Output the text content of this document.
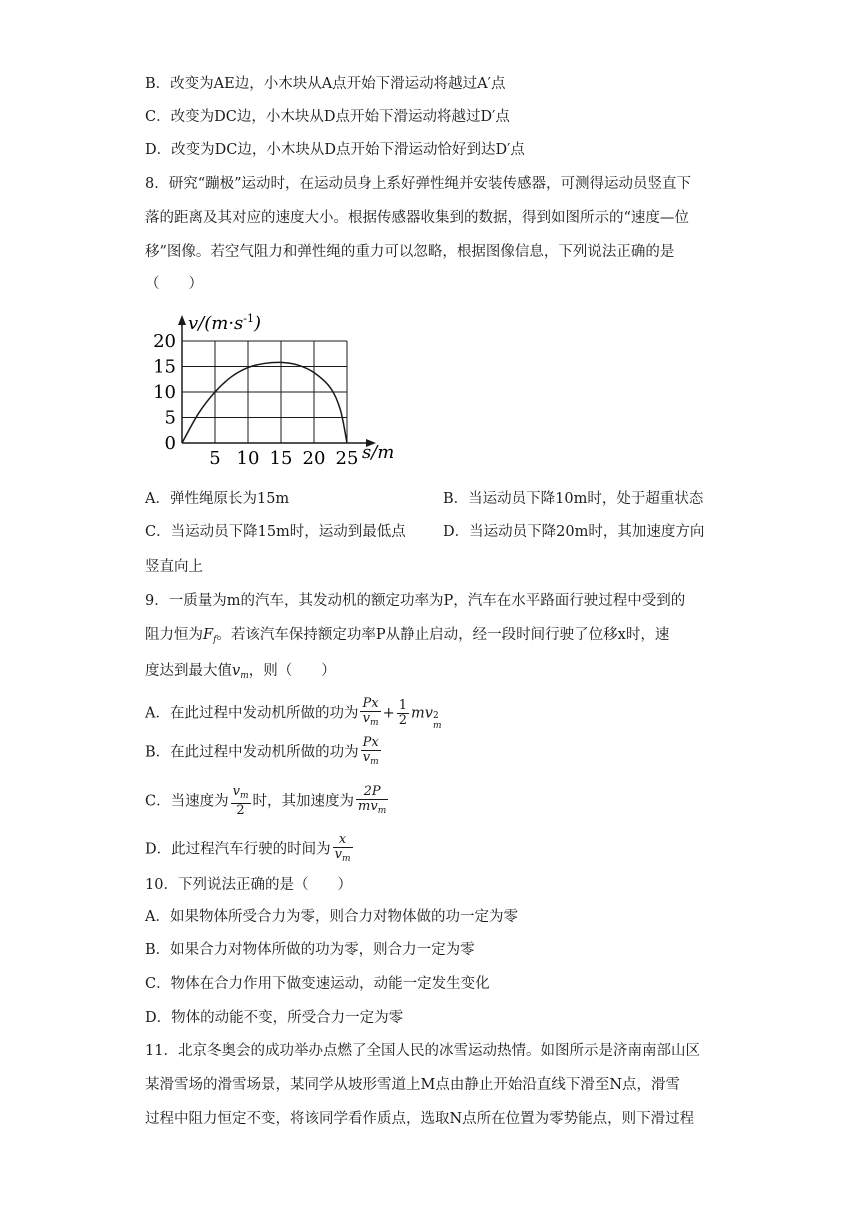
B．改变为AE边，小木块从A点开始下滑运动将越过A′点
C．改变为DC边，小木块从D点开始下滑运动将越过D′点
D．改变为DC边，小木块从D点开始下滑运动恰好到达D′点
8．研究“蹦极”运动时，在运动员身上系好弹性绳并安装传感器，可测得运动员竖直下
落的距离及其对应的速度大小。根据传感器收集到的数据，得到如图所示的“速度—位
移”图像。若空气阻力和弹性绳的重力可以忽略，根据图像信息，下列说法正确的是
（　　）
5 10 15 20 25
0
5
10
15
20
$v/(m\cdot s^{-1})$
s/m
A．弹性绳原长为15m	B．当运动员下降10m时，处于超重状态
C．当运动员下降15m时，运动到最低点	D．当运动员下降20m时，其加速度方向
竖直向上
9．一质量为m的汽车，其发动机的额定功率为P，汽车在水平路面行驶过程中受到的
阻力恒为$F_f$。若该汽车保持额定功率P从静止启动，经一段时间行驶了位移x时，速
度达到最大值$v_m$，则（　　）
A．在此过程中发动机所做的功为 $\frac{Px}{v_m} + \frac{1}{2}$ mv 2
m
B．在此过程中发动机所做的功为 $\frac{Px}{v_m}$
C．当速度为 $\frac{v_m}{2}$ 时，其加速度为 $\frac{2P}{mv_m}$
D．此过程汽车行驶的时间为 $\frac{x}{v_m}$
10．下列说法正确的是（　　）
A．如果物体所受合力为零，则合力对物体做的功一定为零
B．如果合力对物体所做的功为零，则合力一定为零
C．物体在合力作用下做变速运动，动能一定发生变化
D．物体的动能不变，所受合力一定为零
11．北京冬奥会的成功举办点燃了全国人民的冰雪运动热情。如图所示是济南南部山区
某滑雪场的滑雪场景，某同学从坡形雪道上M点由静止开始沿直线下滑至N点，滑雪
过程中阻力恒定不变，将该同学看作质点，选取N点所在位置为零势能点，则下滑过程
